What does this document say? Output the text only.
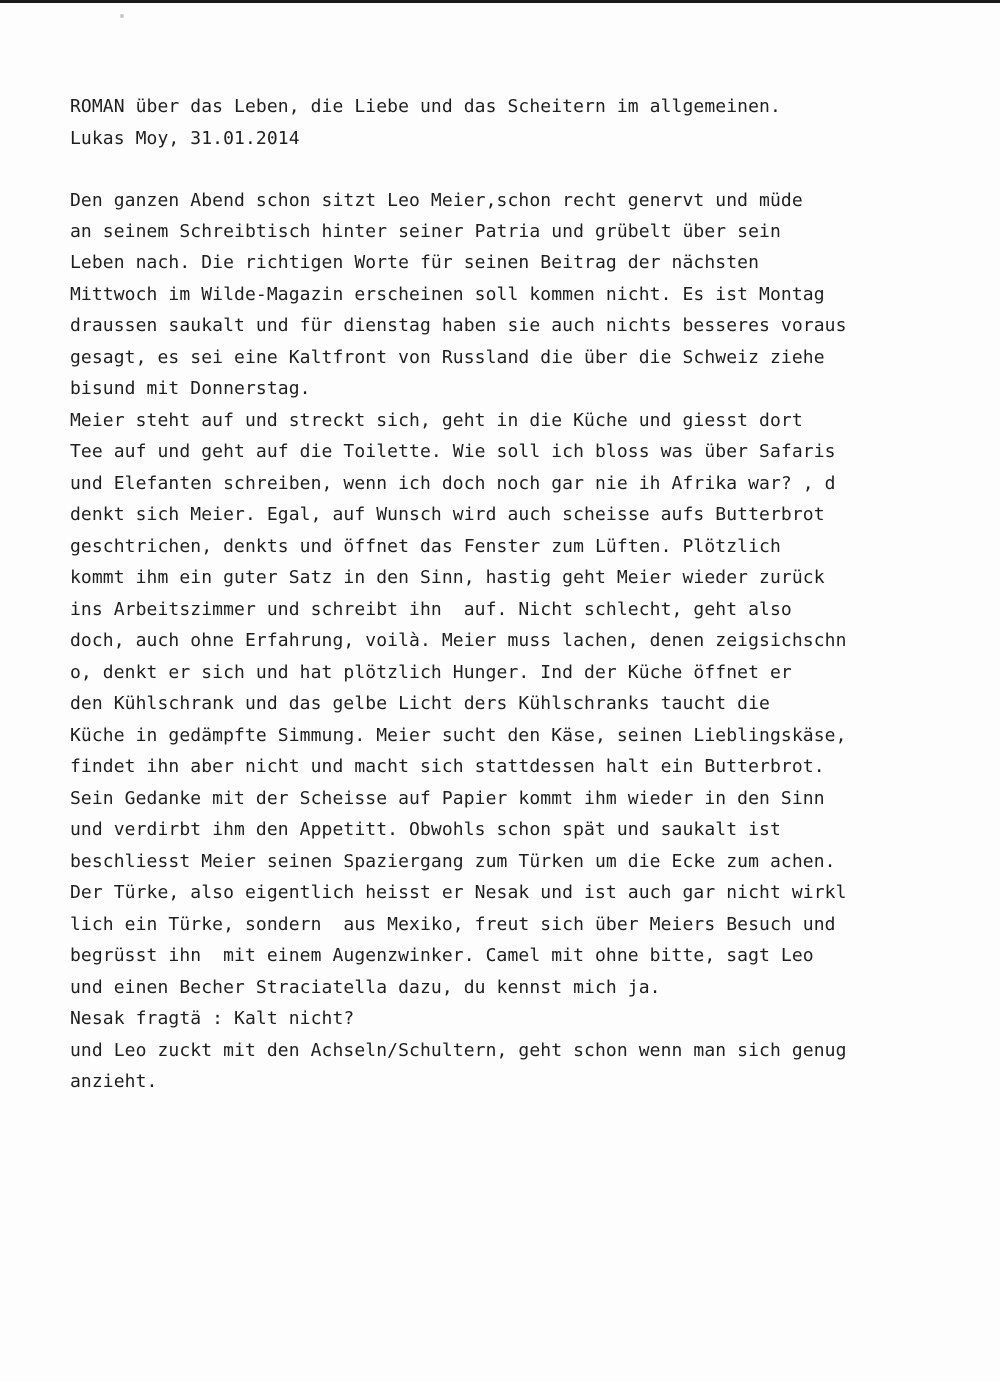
ROMAN über das Leben, die Liebe und das Scheitern im allgemeinen.
Lukas Moy, 31.01.2014
Den ganzen Abend schon sitzt Leo Meier,schon recht genervt und müde
an seinem Schreibtisch hinter seiner Patria und grübelt über sein
Leben nach. Die richtigen Worte für seinen Beitrag der nächsten
Mittwoch im Wilde-Magazin erscheinen soll kommen nicht. Es ist Montag
draussen saukalt und für dienstag haben sie auch nichts besseres voraus
gesagt, es sei eine Kaltfront von Russland die über die Schweiz ziehe
bisund mit Donnerstag.
Meier steht auf und streckt sich, geht in die Küche und giesst dort
Tee auf und geht auf die Toilette. Wie soll ich bloss was über Safaris
und Elefanten schreiben, wenn ich doch noch gar nie ih Afrika war? , d
denkt sich Meier. Egal, auf Wunsch wird auch scheisse aufs Butterbrot
geschtrichen, denkts und öffnet das Fenster zum Lüften. Plötzlich
kommt ihm ein guter Satz in den Sinn, hastig geht Meier wieder zurück
ins Arbeitszimmer und schreibt ihn  auf. Nicht schlecht, geht also
doch, auch ohne Erfahrung, voilà. Meier muss lachen, denen zeigsichschn
o, denkt er sich und hat plötzlich Hunger. Ind der Küche öffnet er
den Kühlschrank und das gelbe Licht ders Kühlschranks taucht die
Küche in gedämpfte Simmung. Meier sucht den Käse, seinen Lieblingskäse,
findet ihn aber nicht und macht sich stattdessen halt ein Butterbrot.
Sein Gedanke mit der Scheisse auf Papier kommt ihm wieder in den Sinn
und verdirbt ihm den Appetitt. Obwohls schon spät und saukalt ist
beschliesst Meier seinen Spaziergang zum Türken um die Ecke zum achen.
Der Türke, also eigentlich heisst er Nesak und ist auch gar nicht wirkl
lich ein Türke, sondern  aus Mexiko, freut sich über Meiers Besuch und
begrüsst ihn  mit einem Augenzwinker. Camel mit ohne bitte, sagt Leo
und einen Becher Straciatella dazu, du kennst mich ja.
Nesak fragtä : Kalt nicht?
und Leo zuckt mit den Achseln/Schultern, geht schon wenn man sich genug
anzieht.
